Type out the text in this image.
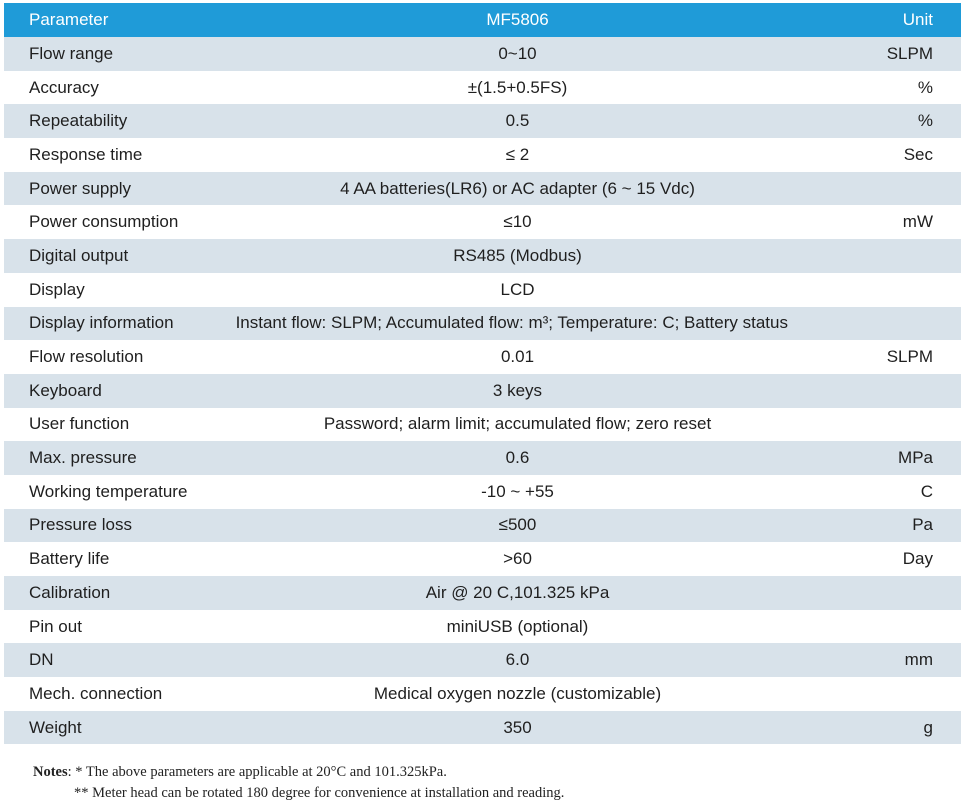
Parameter	MF5806	Unit
Flow range	0~10	SLPM
Accuracy	±(1.5+0.5FS)	%
Repeatability	0.5	%
Response time	≤ 2	Sec
Power supply	4 AA batteries(LR6) or AC adapter (6 ~ 15 Vdc)
Power consumption	≤10	mW
Digital output	RS485 (Modbus)
Display	LCD
Display information	Instant flow: SLPM; Accumulated flow: m³; Temperature: C; Battery status
Flow resolution	0.01	SLPM
Keyboard	3 keys
User function	Password; alarm limit; accumulated flow; zero reset
Max. pressure	0.6	MPa
Working temperature	-10 ~ +55	C
Pressure loss	≤500	Pa
Battery life	>60	Day
Calibration	Air @ 20 C,101.325 kPa
Pin out	miniUSB (optional)
DN	6.0	mm
Mech. connection	Medical oxygen nozzle (customizable)
Weight	350	g
Notes: * The above parameters are applicable at 20°C and 101.325kPa.
** Meter head can be rotated 180 degree for convenience at installation and reading.
